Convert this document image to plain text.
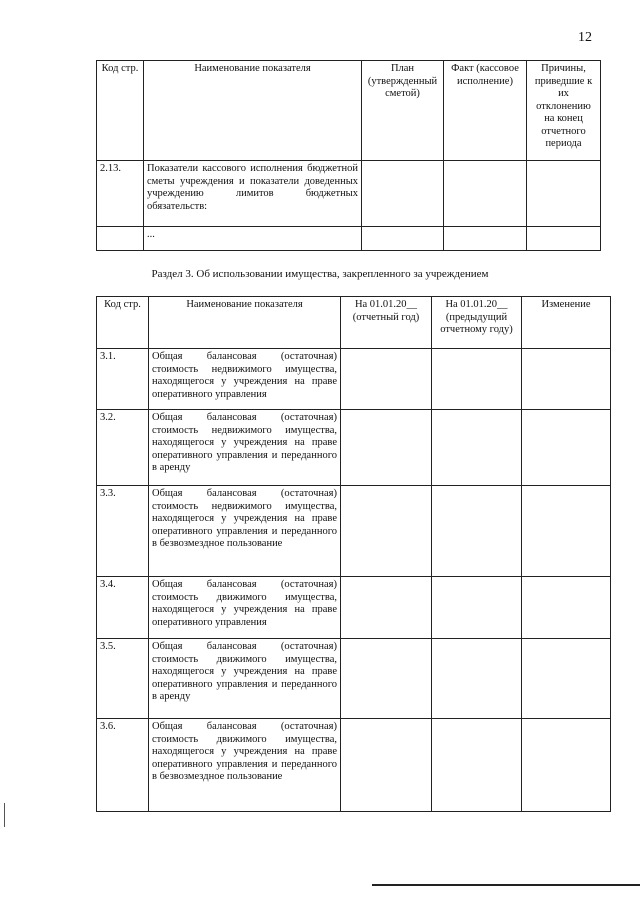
12
Код стр.	Наименование показателя	План (утвержденный сметой)	Факт (кассовое исполнение)	Причины, приведшие к их отклонению на конец отчетного периода
2.13.	Показатели кассового исполнения бюджетной сметы учреждения и показатели доведенных учреждению лимитов бюджетных обязательств:			
	...			
Раздел 3. Об использовании имущества, закрепленного за учреждением
Код стр.	Наименование показателя	На 01.01.20__ (отчетный год)	На 01.01.20__ (предыдущий отчетному году)	Изменение
3.1.	Общая балансовая (остаточная) стоимость недвижимого имущества, находящегося у учреждения на праве оперативного управления			
3.2.	Общая балансовая (остаточная) стоимость недвижимого имущества, находящегося у учреждения на праве оперативного управления и переданного в аренду			
3.3.	Общая балансовая (остаточная) стоимость недвижимого имущества, находящегося у учреждения на праве оперативного управления и переданного в безвозмездное пользование			
3.4.	Общая балансовая (остаточная) стоимость движимого имущества, находящегося у учреждения на праве оперативного управления			
3.5.	Общая балансовая (остаточная) стоимость движимого имущества, находящегося у учреждения на праве оперативного управления и переданного в аренду			
3.6.	Общая балансовая (остаточная) стоимость движимого имущества, находящегося у учреждения на праве оперативного управления и переданного в безвозмездное пользование			
